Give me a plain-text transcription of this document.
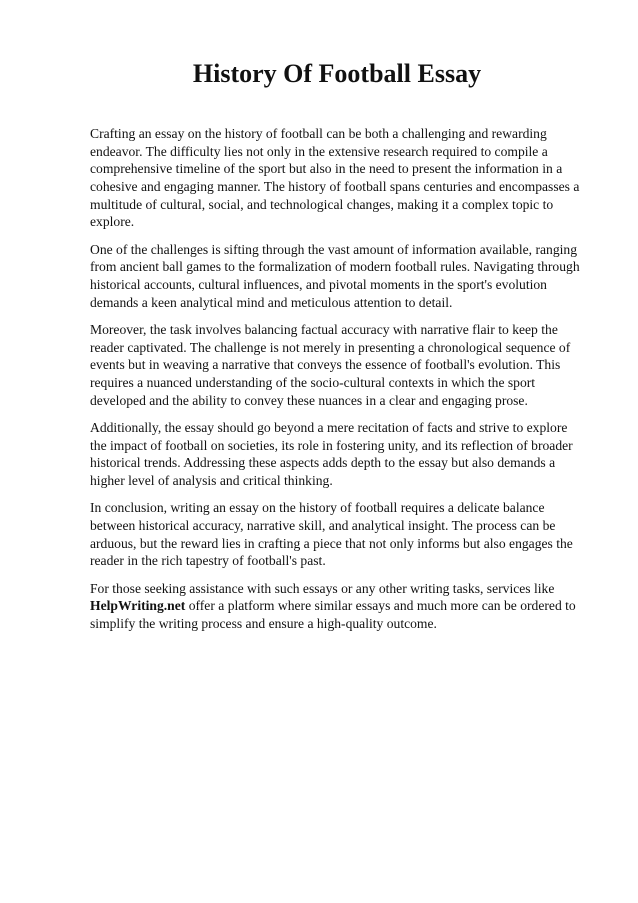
History Of Football Essay

Crafting an essay on the history of football can be both a challenging and rewarding endeavor. The difficulty lies not only in the extensive research required to compile a comprehensive timeline of the sport but also in the need to present the information in a cohesive and engaging manner. The history of football spans centuries and encompasses a multitude of cultural, social, and technological changes, making it a complex topic to explore.

One of the challenges is sifting through the vast amount of information available, ranging from ancient ball games to the formalization of modern football rules. Navigating through historical accounts, cultural influences, and pivotal moments in the sport's evolution demands a keen analytical mind and meticulous attention to detail.

Moreover, the task involves balancing factual accuracy with narrative flair to keep the reader captivated. The challenge is not merely in presenting a chronological sequence of events but in weaving a narrative that conveys the essence of football's evolution. This requires a nuanced understanding of the socio-cultural contexts in which the sport developed and the ability to convey these nuances in a clear and engaging prose.

Additionally, the essay should go beyond a mere recitation of facts and strive to explore the impact of football on societies, its role in fostering unity, and its reflection of broader historical trends. Addressing these aspects adds depth to the essay but also demands a higher level of analysis and critical thinking.

In conclusion, writing an essay on the history of football requires a delicate balance between historical accuracy, narrative skill, and analytical insight. The process can be arduous, but the reward lies in crafting a piece that not only informs but also engages the reader in the rich tapestry of football's past.

For those seeking assistance with such essays or any other writing tasks, services like HelpWriting.net offer a platform where similar essays and much more can be ordered to simplify the writing process and ensure a high-quality outcome.
